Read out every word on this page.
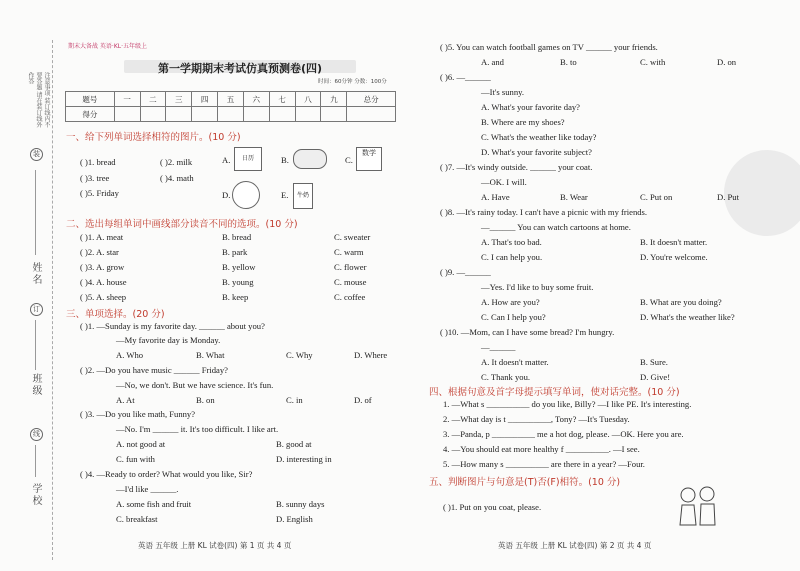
注意事项 装订线内不要答题 请在装订线外作答
装
姓名
订
班级
线
学校
期末大备战 英语·KL·五年级上
第一学期期末考试仿真预测卷(四)
时间：60分钟 分数：100分
题号	一	二	三	四	五	六	七	八	九	总分
得分										
一、给下列单词选择相符的图片。(10 分)
( )1. bread	( )2. milk
( )3. tree	( )4. math
( )5. Friday
A.	日历	B.	C.
数学
D.	E.	牛奶
二、选出每组单词中画线部分读音不同的选项。(10 分)
( )1. A. meat	B. bread	C. sweater
( )2. A. star	B. park	C. warm
( )3. A. grow	B. yellow	C. flower
( )4. A. house	B. young	C. mouse
( )5. A. sheep	B. keep	C. coffee
三、单项选择。(20 分)
( )1. —Sunday is my favorite day. ______ about you?
—My favorite day is Monday.
A. Who	B. What	C. Why	D. Where
( )2. —Do you have music ______ Friday?
—No, we don't. But we have science. It's fun.
A. At	B. on	C. in	D. of
( )3. —Do you like math, Funny?
—No. I'm ______ it. It's too difficult. I like art.
A. not good at	B. good at
C. fun with	D. interesting in
( )4. —Ready to order? What would you like, Sir?
—I'd like ______.
A. some fish and fruit	B. sunny days
C. breakfast	D. English
英语 五年级 上册 KL 试卷(四) 第 1 页 共 4 页
( )5. You can watch football games on TV ______ your friends.
A. and	B. to	C. with	D. on
( )6. —______
—It's sunny.
A. What's your favorite day?
B. Where are my shoes?
C. What's the weather like today?
D. What's your favorite subject?
( )7. —It's windy outside. ______ your coat.
—OK. I will.
A. Have	B. Wear	C. Put on	D. Put
( )8. —It's rainy today. I can't have a picnic with my friends.
—______ You can watch cartoons at home.
A. That's too bad.	B. It doesn't matter.
C. I can help you.	D. You're welcome.
( )9. —______
—Yes. I'd like to buy some fruit.
A. How are you?	B. What are you doing?
C. Can I help you?	D. What's the weather like?
( )10. —Mom, can I have some bread? I'm hungry.
—______
A. It doesn't matter.	B. Sure.
C. Thank you.	D. Give!
四、根据句意及首字母提示填写单词，使对话完整。(10 分)
1. —What s __________ do you like, Billy? —I like PE. It's interesting.
2. —What day is t __________, Tony? —It's Tuesday.
3. —Panda, p __________ me a hot dog, please. —OK. Here you are.
4. —You should eat more healthy f __________. —I see.
5. —How many s __________ are there in a year? —Four.
五、判断图片与句意是(T)否(F)相符。(10 分)
( )1. Put on you coat, please.
英语 五年级 上册 KL 试卷(四) 第 2 页 共 4 页
